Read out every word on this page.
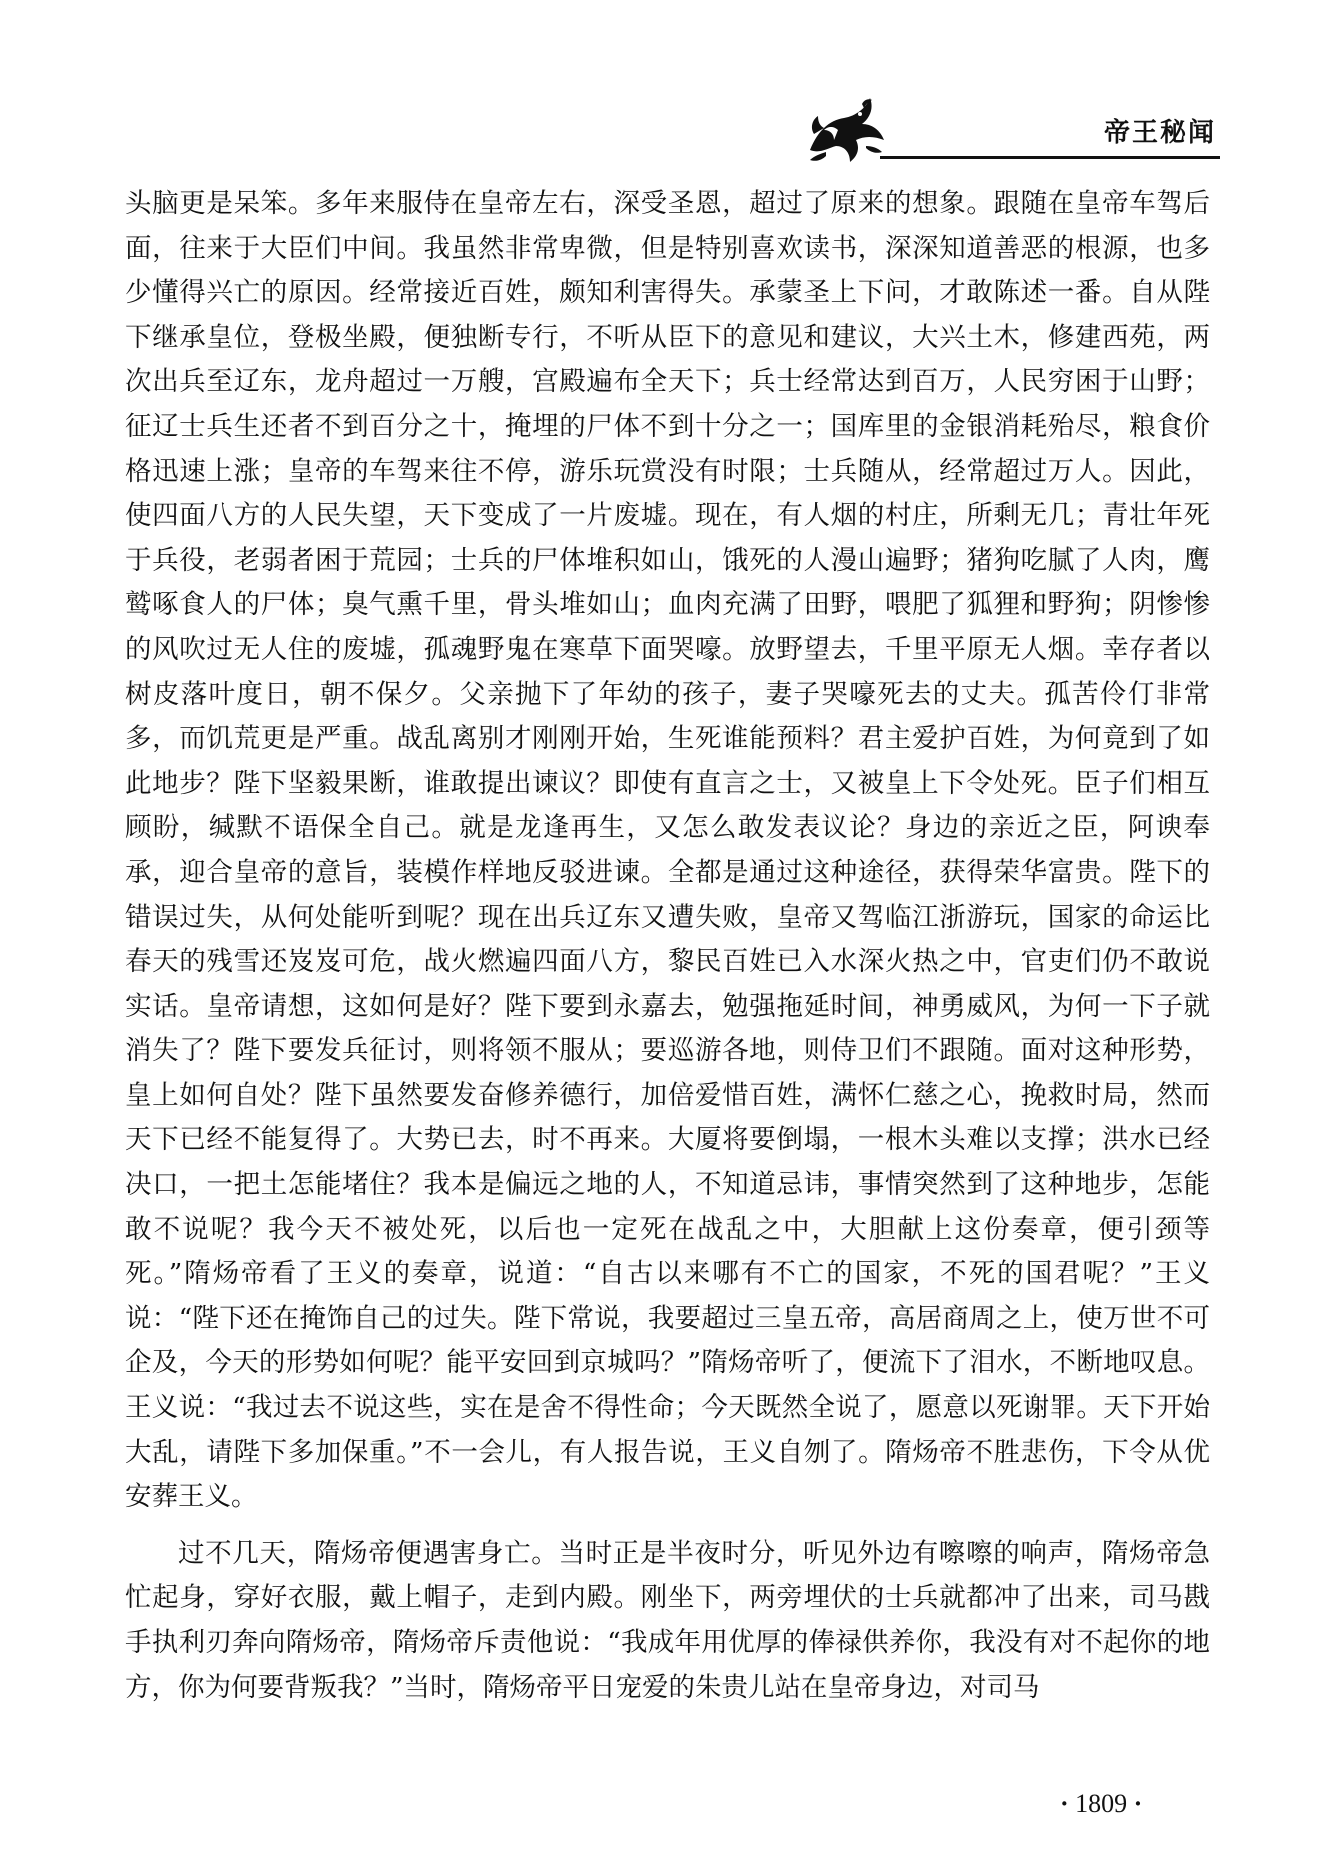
帝王秘闻

头脑更是呆笨。多年来服侍在皇帝左右，深受圣恩，超过了原来的想象。跟随在皇帝车驾后面，往来于大臣们中间。我虽然非常卑微，但是特别喜欢读书，深深知道善恶的根源，也多少懂得兴亡的原因。经常接近百姓，颇知利害得失。承蒙圣上下问，才敢陈述一番。自从陛下继承皇位，登极坐殿，便独断专行，不听从臣下的意见和建议，大兴土木，修建西苑，两次出兵至辽东，龙舟超过一万艘，宫殿遍布全天下；兵士经常达到百万，人民穷困于山野；征辽士兵生还者不到百分之十，掩埋的尸体不到十分之一；国库里的金银消耗殆尽，粮食价格迅速上涨；皇帝的车驾来往不停，游乐玩赏没有时限；士兵随从，经常超过万人。因此，使四面八方的人民失望，天下变成了一片废墟。现在，有人烟的村庄，所剩无几；青壮年死于兵役，老弱者困于荒园；士兵的尸体堆积如山，饿死的人漫山遍野；猪狗吃腻了人肉，鹰鹫啄食人的尸体；臭气熏千里，骨头堆如山；血肉充满了田野，喂肥了狐狸和野狗；阴惨惨的风吹过无人住的废墟，孤魂野鬼在寒草下面哭嚎。放野望去，千里平原无人烟。幸存者以树皮落叶度日，朝不保夕。父亲抛下了年幼的孩子，妻子哭嚎死去的丈夫。孤苦伶仃非常多，而饥荒更是严重。战乱离别才刚刚开始，生死谁能预料？君主爱护百姓，为何竟到了如此地步？陛下坚毅果断，谁敢提出谏议？即使有直言之士，又被皇上下令处死。臣子们相互顾盼，缄默不语保全自己。就是龙逢再生，又怎么敢发表议论？身边的亲近之臣，阿谀奉承，迎合皇帝的意旨，装模作样地反驳进谏。全都是通过这种途径，获得荣华富贵。陛下的错误过失，从何处能听到呢？现在出兵辽东又遭失败，皇帝又驾临江浙游玩，国家的命运比春天的残雪还岌岌可危，战火燃遍四面八方，黎民百姓已入水深火热之中，官吏们仍不敢说实话。皇帝请想，这如何是好？陛下要到永嘉去，勉强拖延时间，神勇威风，为何一下子就消失了？陛下要发兵征讨，则将领不服从；要巡游各地，则侍卫们不跟随。面对这种形势，皇上如何自处？陛下虽然要发奋修养德行，加倍爱惜百姓，满怀仁慈之心，挽救时局，然而天下已经不能复得了。大势已去，时不再来。大厦将要倒塌，一根木头难以支撑；洪水已经决口，一把土怎能堵住？我本是偏远之地的人，不知道忌讳，事情突然到了这种地步，怎能敢不说呢？我今天不被处死，以后也一定死在战乱之中，大胆献上这份奏章，便引颈等死。”隋炀帝看了王义的奏章，说道：“自古以来哪有不亡的国家，不死的国君呢？”王义说：“陛下还在掩饰自己的过失。陛下常说，我要超过三皇五帝，高居商周之上，使万世不可企及，今天的形势如何呢？能平安回到京城吗？”隋炀帝听了，便流下了泪水，不断地叹息。王义说：“我过去不说这些，实在是舍不得性命；今天既然全说了，愿意以死谢罪。天下开始大乱，请陛下多加保重。”不一会儿，有人报告说，王义自刎了。隋炀帝不胜悲伤，下令从优安葬王义。

过不几天，隋炀帝便遇害身亡。当时正是半夜时分，听见外边有嚓嚓的响声，隋炀帝急忙起身，穿好衣服，戴上帽子，走到内殿。刚坐下，两旁埋伏的士兵就都冲了出来，司马戡手执利刃奔向隋炀帝，隋炀帝斥责他说：“我成年用优厚的俸禄供养你，我没有对不起你的地方，你为何要背叛我？”当时，隋炀帝平日宠爱的朱贵儿站在皇帝身边，对司马

· 1809 ·
